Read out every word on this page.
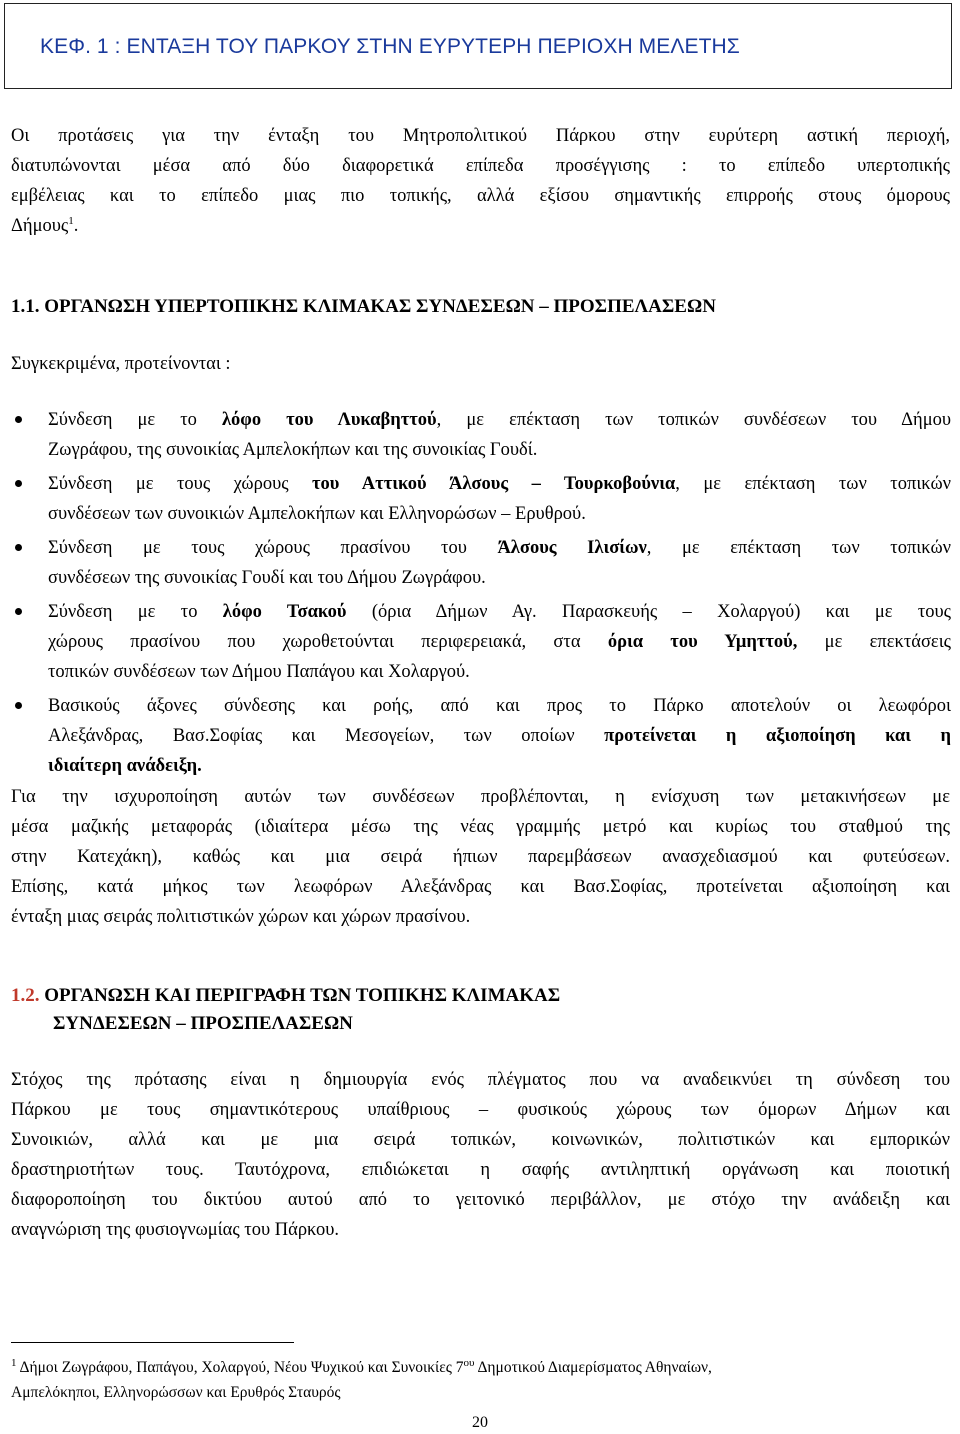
ΚΕΦ. 1 : ΕΝΤΑΞΗ ΤΟΥ ΠΑΡΚΟΥ ΣΤΗΝ ΕΥΡΥΤΕΡΗ ΠΕΡΙΟΧΗ ΜΕΛΕΤΗΣ
Οι προτάσεις για την ένταξη του Μητροπολιτικού Πάρκου στην ευρύτερη αστική περιοχή,
διατυπώνονται μέσα από δύο διαφορετικά επίπεδα προσέγγισης : το επίπεδο υπερτοπικής
εμβέλειας και το επίπεδο μιας πιο τοπικής, αλλά εξίσου σημαντικής επιρροής στους όμορους
Δήμους$^1$.
1.1. ΟΡΓΑΝΩΣΗ ΥΠΕΡΤΟΠΙΚΗΣ ΚΛΙΜΑΚΑΣ ΣΥΝΔΕΣΕΩΝ – ΠΡΟΣΠΕΛΑΣΕΩΝ
Συγκεκριμένα, προτείνονται :
Σύνδεση με το λόφο του Λυκαβηττού, με επέκταση των τοπικών συνδέσεων του Δήμου
Ζωγράφου, της συνοικίας Αμπελοκήπων και της συνοικίας Γουδί.
Σύνδεση με τους χώρους του Αττικού Άλσους – Τουρκοβούνια, με επέκταση των τοπικών
συνδέσεων των συνοικιών Αμπελοκήπων και Ελληνορώσων – Ερυθρού.
Σύνδεση με τους χώρους πρασίνου του Άλσους Ιλισίων, με επέκταση των τοπικών
συνδέσεων της συνοικίας Γουδί και του Δήμου Ζωγράφου.
Σύνδεση με το λόφο Τσακού (όρια Δήμων Αγ. Παρασκευής – Χολαργού) και με τους
χώρους πρασίνου που χωροθετούνται περιφερειακά, στα όρια του Υμηττού, με επεκτάσεις
τοπικών συνδέσεων των Δήμου Παπάγου και Χολαργού.
Βασικούς άξονες σύνδεσης και ροής, από και προς το Πάρκο αποτελούν οι λεωφόροι
Αλεξάνδρας, Βασ.Σοφίας και Μεσογείων, των οποίων προτείνεται η αξιοποίηση και η
ιδιαίτερη ανάδειξη.
Για την ισχυροποίηση αυτών των συνδέσεων προβλέπονται, η ενίσχυση των μετακινήσεων με
μέσα μαζικής μεταφοράς (ιδιαίτερα μέσω της νέας γραμμής μετρό και κυρίως του σταθμού της
στην Κατεχάκη), καθώς και μια σειρά ήπιων παρεμβάσεων ανασχεδιασμού και φυτεύσεων.
Επίσης, κατά μήκος των λεωφόρων Αλεξάνδρας και Βασ.Σοφίας, προτείνεται αξιοποίηση και
ένταξη μιας σειράς πολιτιστικών χώρων και χώρων πρασίνου.
1.2. ΟΡΓΑΝΩΣΗ ΚΑΙ ΠΕΡΙΓΡΑΦΗ ΤΩΝ ΤΟΠΙΚΗΣ ΚΛΙΜΑΚΑΣ
ΣΥΝΔΕΣΕΩΝ – ΠΡΟΣΠΕΛΑΣΕΩΝ
Στόχος της πρότασης είναι η δημιουργία ενός πλέγματος που να αναδεικνύει τη σύνδεση του
Πάρκου με τους σημαντικότερους υπαίθριους – φυσικούς χώρους των όμορων Δήμων και
Συνοικιών, αλλά και με μια σειρά τοπικών, κοινωνικών, πολιτιστικών και εμπορικών
δραστηριοτήτων τους. Ταυτόχρονα, επιδιώκεται η σαφής αντιληπτική οργάνωση και ποιοτική
διαφοροποίηση του δικτύου αυτού από το γειτονικό περιβάλλον, με στόχο την ανάδειξη και
αναγνώριση της φυσιογνωμίας του Πάρκου.
$^1$ Δήμοι Ζωγράφου, Παπάγου, Χολαργού, Νέου Ψυχικού και Συνοικίες $7^{o\upsilon}$ Δημοτικού Διαμερίσματος Αθηναίων,
Αμπελόκηποι, Ελληνορώσσων και Ερυθρός Σταυρός
20
